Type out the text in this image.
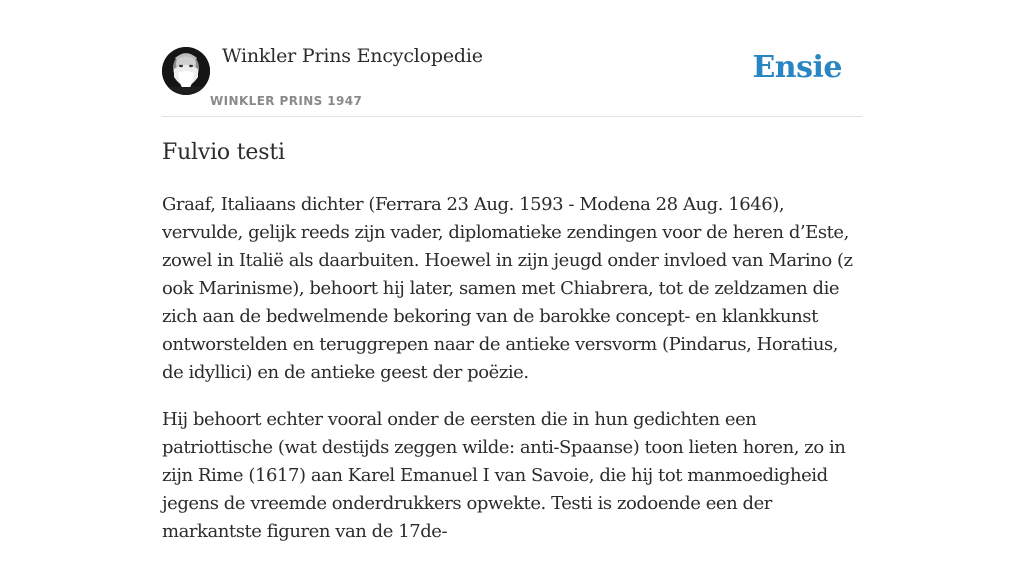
Winkler Prins Encyclopedie
WINKLER PRINS 1947
Ensie
Fulvio testi

Graaf, Italiaans dichter (Ferrara 23 Aug. 1593 - Modena 28 Aug. 1646), vervulde, gelijk reeds zijn vader, diplomatieke zendingen voor de heren d’Este, zowel in Italië als daarbuiten. Hoewel in zijn jeugd onder invloed van Marino (z ook Marinisme), behoort hij later, samen met Chiabrera, tot de zeldzamen die zich aan de bedwelmende bekoring van de barokke concept- en klankkunst ontworstelden en teruggrepen naar de antieke versvorm (Pindarus, Horatius, de idyllici) en de antieke geest der poëzie.

Hij behoort echter vooral onder de eersten die in hun gedichten een patriottische (wat destijds zeggen wilde: anti-Spaanse) toon lieten horen, zo in zijn Rime (1617) aan Karel Emanuel I van Savoie, die hij tot manmoedigheid jegens de vreemde onderdrukkers opwekte. Testi is zodoende een der markantste figuren van de 17de-
